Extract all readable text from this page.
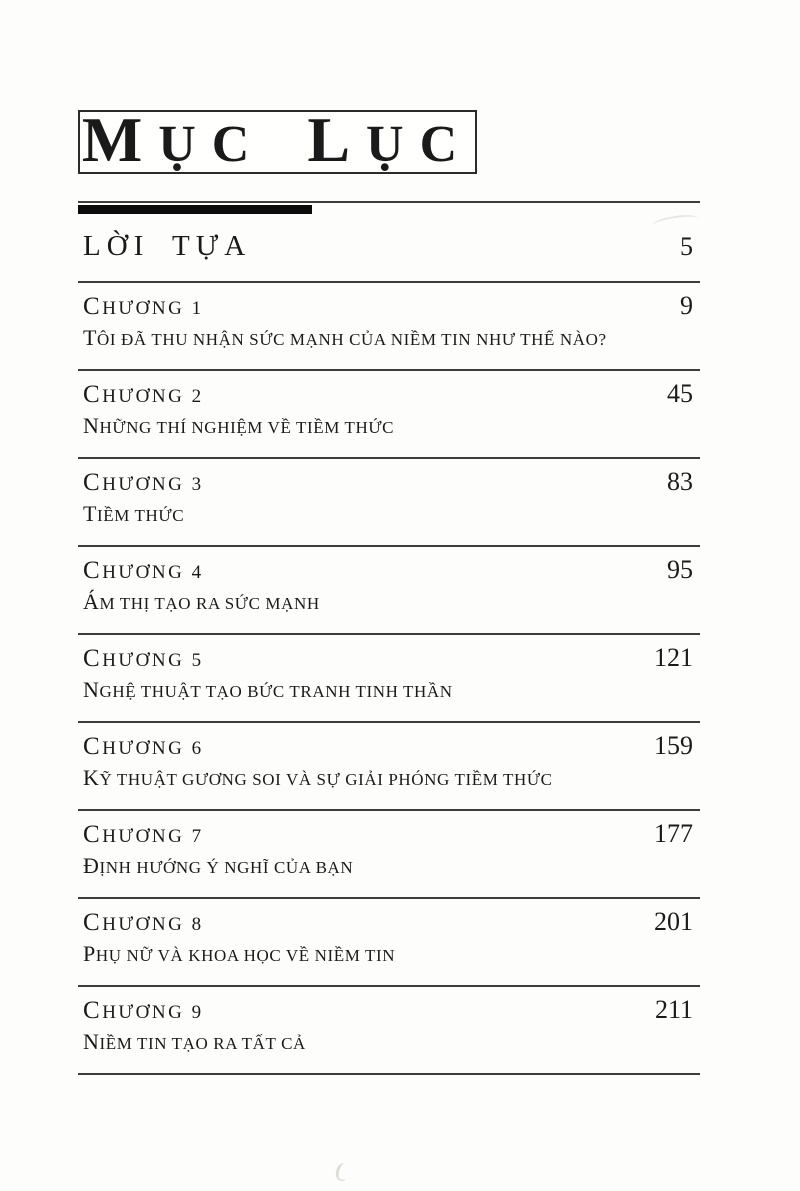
MỤC LỤC
LỜI TỰA	5
CHƯƠNG 1	9
TÔI ĐÃ THU NHẬN SỨC MẠNH CỦA NIỀM TIN NHƯ THẾ NÀO?
CHƯƠNG 2	45
NHỮNG THÍ NGHIỆM VỀ TIỀM THỨC
CHƯƠNG 3	83
TIỀM THỨC
CHƯƠNG 4	95
ÁM THỊ TẠO RA SỨC MẠNH
CHƯƠNG 5	121
NGHỆ THUẬT TẠO BỨC TRANH TINH THẦN
CHƯƠNG 6	159
KỸ THUẬT GƯƠNG SOI VÀ SỰ GIẢI PHÓNG TIỀM THỨC
CHƯƠNG 7	177
ĐỊNH HƯỚNG Ý NGHĨ CỦA BẠN
CHƯƠNG 8	201
PHỤ NỮ VÀ KHOA HỌC VỀ NIỀM TIN
CHƯƠNG 9	211
NIỀM TIN TẠO RA TẤT CẢ
